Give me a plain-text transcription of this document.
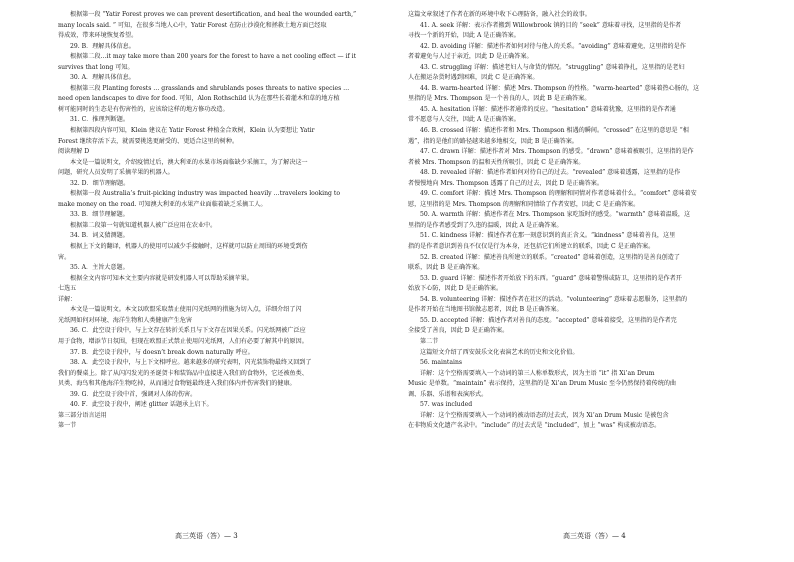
根据第一段 “Yatir Forest proves we can prevent desertification, and heal the wounded earth,”
many locals said. ” 可知，在很多当地人心中，Yatir Forest 在防止沙漠化和拯救土地方面已经取
得成效，带来环境恢复希望。
29. B．理解具体信息。
根据第二段…it may take more than 200 years for the forest to have a net cooling effect — if it
survives that long 可知。
30. A．理解具体信息。
根据第三段 Planting forests … grasslands and shrublands poses threats to native species …
need open landscapes to dive for food. 可知，Alon Rothschild 认为在那些长着灌木和草的地方植
树可能同时的生态是有伤害性的，应该给这样的地方修功改造。
31. C．推理判断题。
根据第四段内容可知，Klein 建议在 Yatir Forest 种植金合欢树，Klein 认为要想让 Yatir
Forest 继续存活下去，就需要挑选更耐受的、更适合这里的树种。
阅读理解 D
本文是一篇说明文，介绍疫情过后，澳大利亚的水果市场面临缺少采摘工，为了解决这一
问题，研究人员发明了采摘苹果的机器人。
32. D．细节理解题。
根据第一段 Australia’s fruit-picking industry was impacted heavily …travelers looking to
make money on the road. 可知澳大利亚的水果产业面临着缺乏采摘工人。
33. B．细节理解题。
根据第二段第一句就知道机器人被广泛应用在农业中。
34. B．词义猜测题。
根据上下文的翻译，机器人的使用可以减少手接触时，这样就可以防止周围的环境受到伤
害。
35. A．主旨大意题。
根据全文内容可知本文主要内容就是研发机器人可以帮助采摘苹果。
七选五
详解：
本文是一篇说明文。本文以欧盟采取禁止使用闪光纸网的措施为切入点，详细介绍了闪
光纸网如何对环境、海洋生物和人类健康产生危害
36. C．此空设于段中，与上文存在转折关系且与下文存在因果关系。闪光纸网被广泛应
用于食物，增添节日氛围，但现在欧盟正式禁止使用闪光纸网，人们有必要了解其中的原因。
37. B．此空设于段中，与 doesn’t break down naturally 呼应。
38. A．此空设于段中，与上下文相呼应。越来越多的研究表明，闪光装饰物最终又回到了
我们的餐桌上。除了从闪闪发光的圣诞贺卡和装饰品中直接进入我们的食物外，它还被鱼类、
贝类、海鸟和其他海洋生物吃掉，从而通过食物链最终进入我们体内并伤害我们的健康。
39. G．此空设于段中首，强调对人体的伤害。
40. F．此空设于段中，阐述 glitter 话题承上启下。
第三部分语言运用
第一节
这篇文章叙述了作者在新的环境中收下心理防备，融入社会的故事。
41. A. seek 详解：表示作者搬到 Willowbrook 镇的目的 “seek” 意味着寻找，这里指的是作者
寻找一个新的开始，因此 A 是正确答案。
42. D. avoiding 详解：描述作者如何对待与他人的关系。“avoiding” 意味着避免，这里指的是作
者着避免与人过于亲近，因此 D 是正确答案。
43. C. struggling 详解：描述老妇人与命货的情况。“struggling” 意味着挣扎，这里指的是老妇
人在搬运杂货时遇到困难，因此 C 是正确答案。
44. B. warm-hearted 详解：描述 Mrs. Thompson 的性格。“warm-hearted” 意味着热心肠的，这
里指的是 Mrs. Thompson 是一个善良的人，因此 B 是正确答案。
45. A. hesitation 详解：描述作者通常的反应。“hesitation” 意味着犹豫，这里指的是作者通
常不愿意与人交往，因此 A 是正确答案。
46. B. crossed 详解：描述作者和 Mrs. Thompson 相遇的瞬间。“crossed” 在这里的意思是 “相
遇”，指的是他们的路径越来越多地相交，因此 B 是正确答案。
47. C. drawn 详解：描述作者对 Mrs. Thompson 的感受。“drawn” 意味着被吸引，这里指的是作
者被 Mrs. Thompson 的温和天性所吸引，因此 C 是正确答案。
48. D. revealed 详解：描述作者如何对待自己的过去。“revealed” 意味着透露，这里指的是作
者慢慢地向 Mrs. Thompson 透露了自己的过去，因此 D 是正确答案。
49. C. comfort 详解：描述 Mrs. Thompson 的理解和同情对作者意味着什么。“comfort” 意味着安
慰，这里指的是 Mrs. Thompson 的理解和同情给了作者安慰，因此 C 是正确答案。
50. A. warmth 详解：描述作者在 Mrs. Thompson 家吃饭时的感受。“warmth” 意味着温暖，这
里指的是作者感受到了久违的温暖，因此 A 是正确答案。
51. C. kindness 详解：描述作者在那一刻意识到的真正含义。“kindness” 意味着善良，这里
指的是作者意识到善良不仅仅是行为本身，还包括它们所建立的联系，因此 C 是正确答案。
52. B. created 详解：描述善良所建立的联系。“created” 意味着创造，这里指的是善良创造了
联系，因此 B 是正确答案。
53. D. guard 详解：描述作者开始放下的东西。“guard” 意味着警惕或防卫，这里指的是作者开
始放下心防，因此 D 是正确答案。
54. B. volunteering 详解：描述作者在社区的活动。“volunteering” 意味着志愿服务，这里指的
是作者开始在当地图书馆做志愿者，因此 B 是正确答案。
55. D. accepted 详解：描述作者对善良的态度。“accepted” 意味着接受，这里指的是作者完
全接受了善良，因此 D 是正确答案。
第二节
这篇短文介绍了西安鼓乐文化表演艺术的历史和文化价值。
56. maintains
详解：这个空格需要填入一个动词的第三人称单数形式，因为主语 “it” 指 Xi’an Drum
Music 是单数。“maintain” 表示保持，这里指的是 Xi’an Drum Music 至今仍然保持着传统的曲
调、乐器、乐谱和表演形式。
57. was included
详解：这个空格需要填入一个动词的被动语态的过去式，因为 Xi’an Drum Music 是被包含
在非物质文化遗产名录中。“include” 的过去式是 “included”，加上 “was” 构成被动语态。
高三英语（答）— 3	高三英语（答）— 4
